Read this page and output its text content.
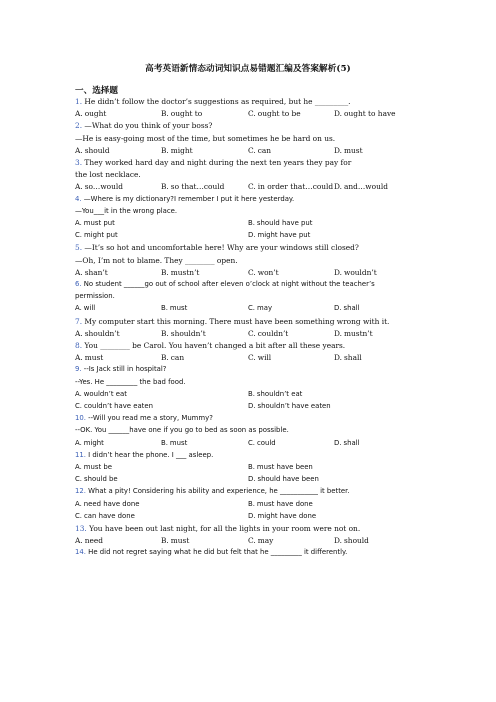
高考英语新情态动词知识点易错题汇编及答案解析(5)
一、选择题
1. He didn’t follow the doctor’s suggestions as required, but he _________.
A. ought	B. ought to	C. ought to be	D. ought to have
2. —What do you think of your boss?
—He is easy-going most of the time, but sometimes he be hard on us.
A. should	B. might	C. can	D. must
3. They worked hard day and night during the next ten years they pay for
the lost necklace.
A. so…would	B. so that…could	C. in order that…could D. and…would
4. —Where is my dictionary?I remember I put it here yesterday.
—You___it in the wrong place.
A. must put	B. should have put
C. might put	D. might have put
5. —It’s so hot and uncomfortable here! Why are your windows still closed?
—Oh, I’m not to blame. They ________ open.
A. shan’t	B. mustn’t	C. won’t	D. wouldn’t
6. No student ______go out of school after eleven o’clock at night without the teacher’s
permission.
A. will	B. must	C. may	D. shall
7. My computer start this morning. There must have been something wrong with it.
A. shouldn’t	B. shouldn’t	C. couldn’t	D. mustn’t
8. You ________ be Carol. You haven’t changed a bit after all these years.
A. must	B. can	C. will	D. shall
9. --Is Jack still in hospital?
--Yes. He _________ the bad food.
A. wouldn’t eat	B. shouldn’t eat
C. couldn’t have eaten	D. shouldn’t have eaten
10. --Will you read me a story, Mummy?
--OK. You ______have one if you go to bed as soon as possible.
A. might	B. must	C. could	D. shall
11. I didn’t hear the phone. I ___ asleep.
A. must be	B. must have been
C. should be	D. should have been
12. What a pity! Considering his ability and experience, he ___________ it better.
A. need have done	B. must have done
C. can have done	D. might have done
13. You have been out last night, for all the lights in your room were not on.
A. need	B. must	C. may	D. should
14. He did not regret saying what he did but felt that he _________ it differently.
